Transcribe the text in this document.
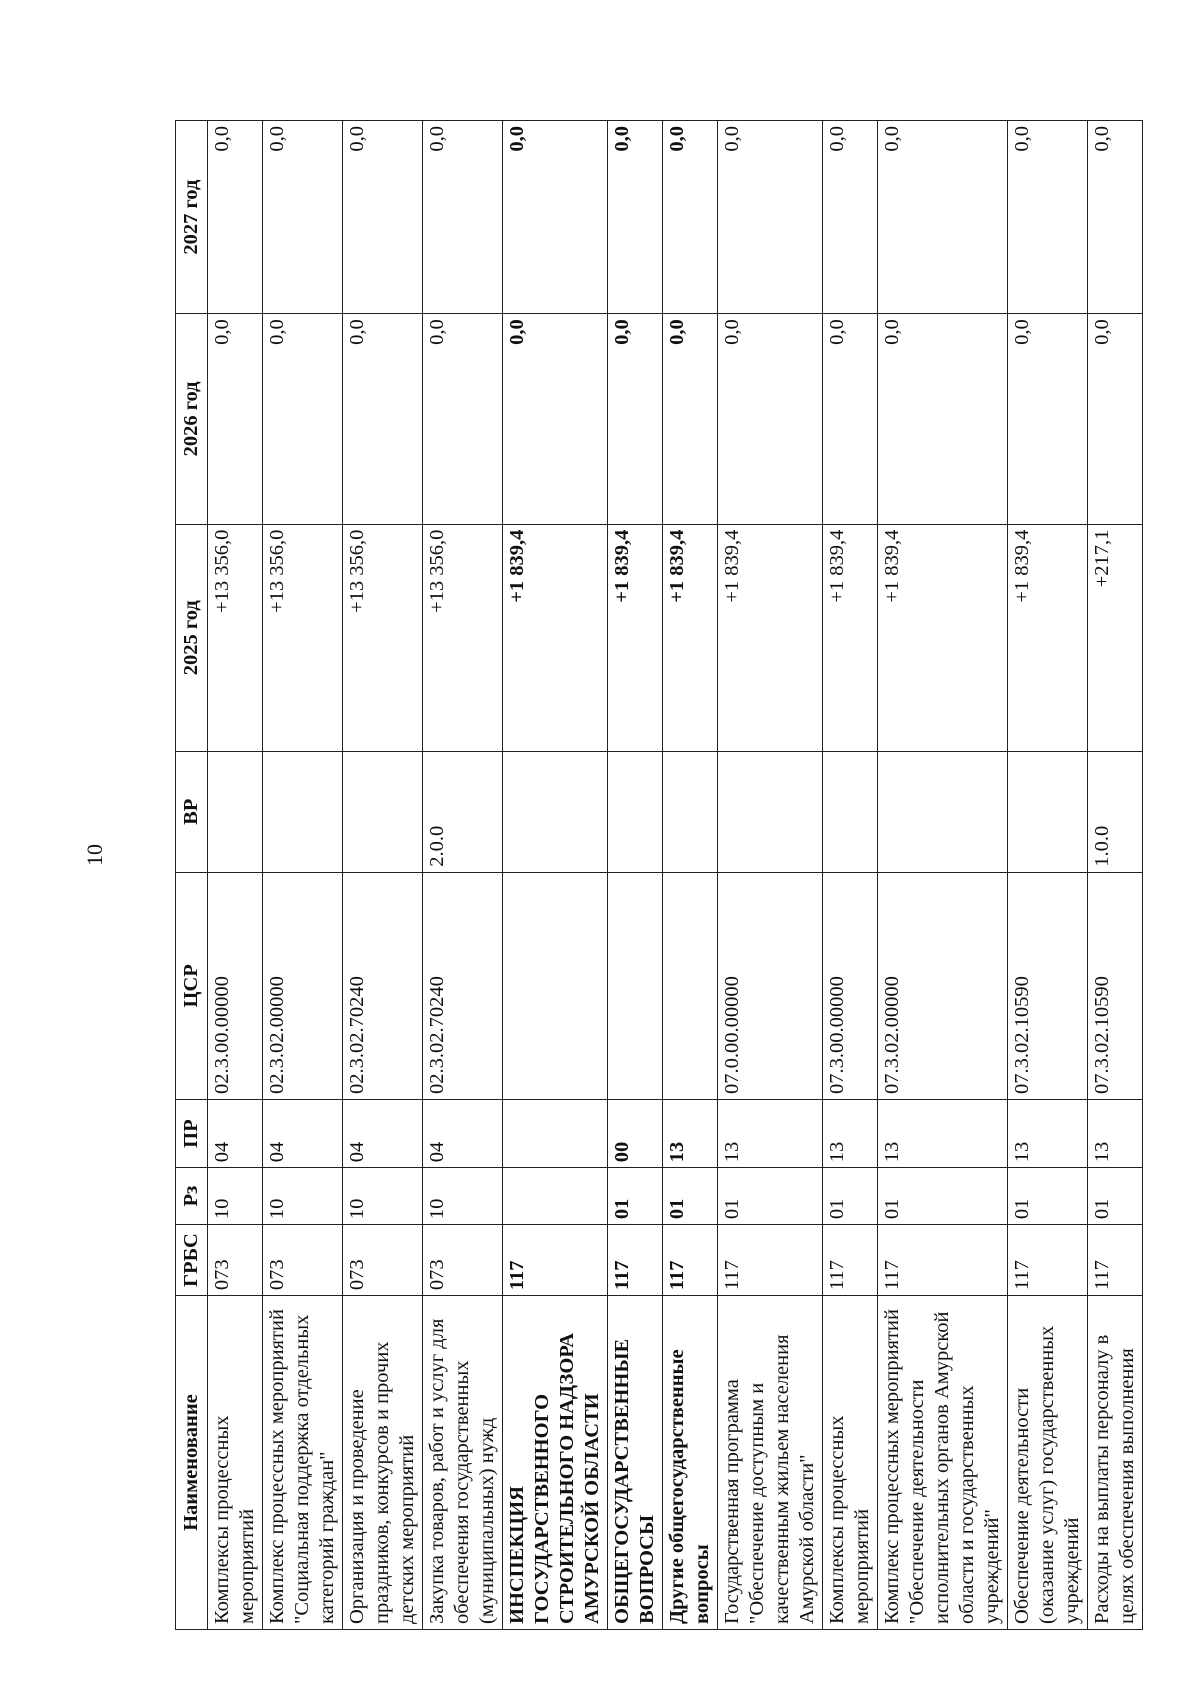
10
Наименование	ГРБС	Рз	ПР	ЦСР	ВР	2025 год	2026 год	2027 год
Комплексы процессных мероприятий	073	10	04	02.3.00.00000		+13 356,0	0,0	0,0
Комплекс процессных мероприятий "Социальная поддержка отдельных категорий граждан"	073	10	04	02.3.02.00000		+13 356,0	0,0	0,0
Организация и проведение праздников, конкурсов и прочих детских мероприятий	073	10	04	02.3.02.70240		+13 356,0	0,0	0,0
Закупка товаров, работ и услуг для обеспечения государственных (муниципальных) нужд	073	10	04	02.3.02.70240	2.0.0	+13 356,0	0,0	0,0
ИНСПЕКЦИЯ ГОСУДАРСТВЕННОГО СТРОИТЕЛЬНОГО НАДЗОРА АМУРСКОЙ ОБЛАСТИ	117					+1 839,4	0,0	0,0
ОБЩЕГОСУДАРСТВЕННЫЕ ВОПРОСЫ	117	01	00			+1 839,4	0,0	0,0
Другие общегосударственные вопросы	117	01	13			+1 839,4	0,0	0,0
Государственная программа "Обеспечение доступным и качественным жильем населения Амурской области"	117	01	13	07.0.00.00000		+1 839,4	0,0	0,0
Комплексы процессных мероприятий	117	01	13	07.3.00.00000		+1 839,4	0,0	0,0
Комплекс процессных мероприятий "Обеспечение деятельности исполнительных органов Амурской области и государственных учреждений"	117	01	13	07.3.02.00000		+1 839,4	0,0	0,0
Обеспечение деятельности (оказание услуг) государственных учреждений	117	01	13	07.3.02.10590		+1 839,4	0,0	0,0
Расходы на выплаты персоналу в целях обеспечения выполнения	117	01	13	07.3.02.10590	1.0.0	+217,1	0,0	0,0
